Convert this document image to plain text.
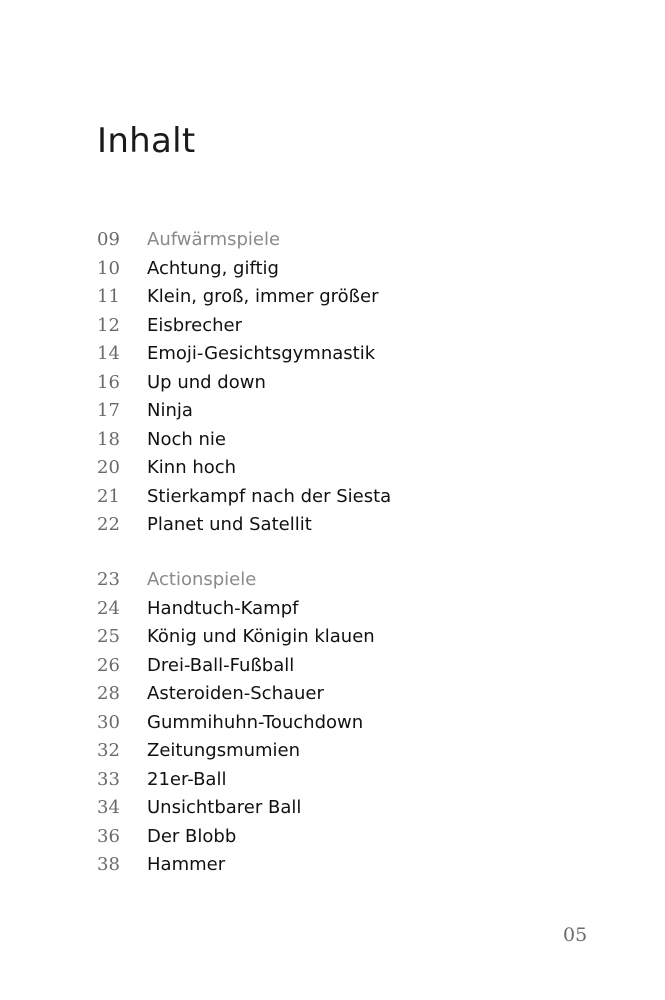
Inhalt
09	Aufwärmspiele
10	Achtung, giftig
11	Klein, groß, immer größer
12	Eisbrecher
14	Emoji-Gesichtsgymnastik
16	Up und down
17	Ninja
18	Noch nie
20	Kinn hoch
21	Stierkampf nach der Siesta
22	Planet und Satellit
23	Actionspiele
24	Handtuch-Kampf
25	König und Königin klauen
26	Drei-Ball-Fußball
28	Asteroiden-Schauer
30	Gummihuhn-Touchdown
32	Zeitungsmumien
33	21er-Ball
34	Unsichtbarer Ball
36	Der Blobb
38	Hammer
05
